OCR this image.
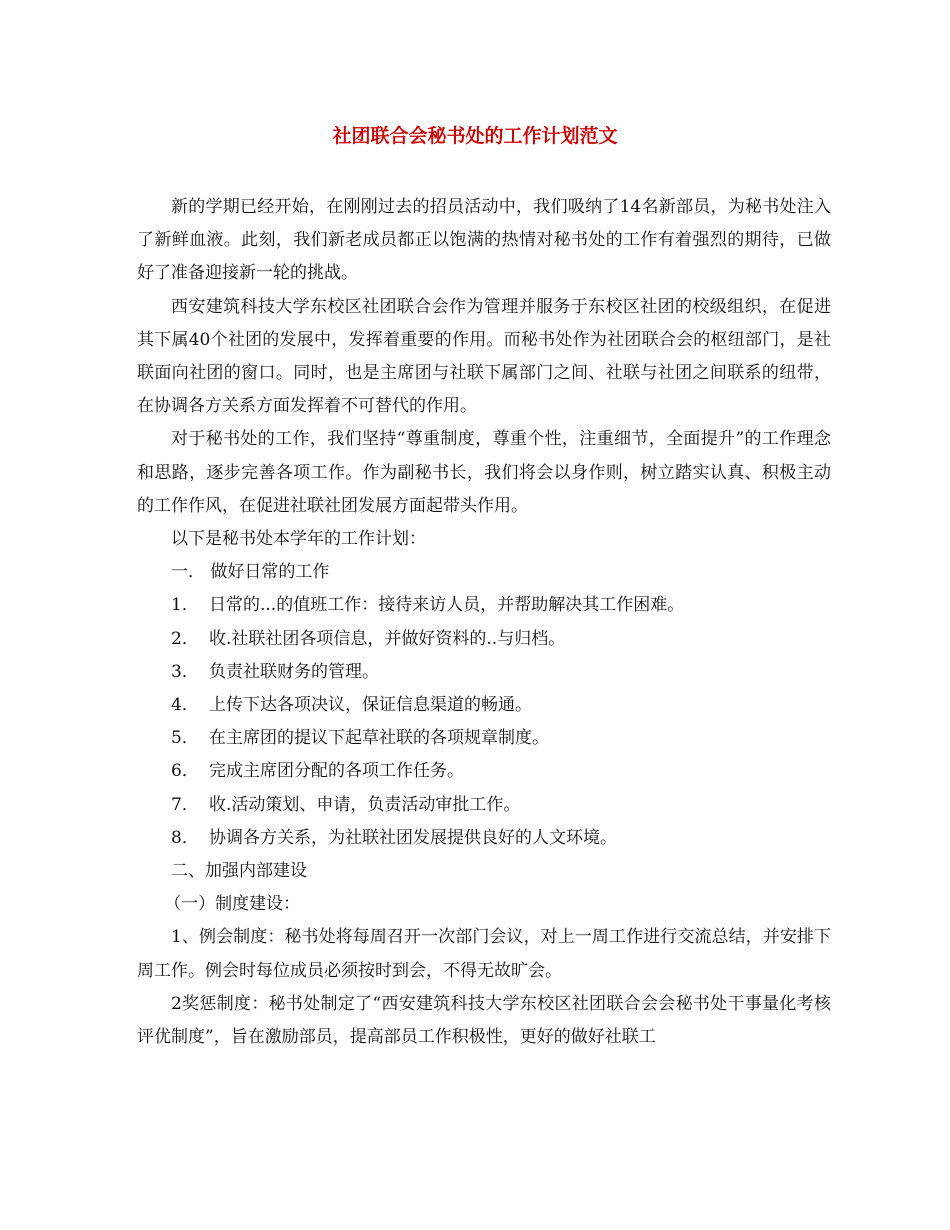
社团联合会秘书处的工作计划范文

新的学期已经开始，在刚刚过去的招员活动中，我们吸纳了14名新部员，为秘书处注入了新鲜血液。此刻，我们新老成员都正以饱满的热情对秘书处的工作有着强烈的期待，已做好了准备迎接新一轮的挑战。

西安建筑科技大学东校区社团联合会作为管理并服务于东校区社团的校级组织，在促进其下属40个社团的发展中，发挥着重要的作用。而秘书处作为社团联合会的枢纽部门，是社联面向社团的窗口。同时，也是主席团与社联下属部门之间、社联与社团之间联系的纽带，在协调各方关系方面发挥着不可替代的作用。

对于秘书处的工作，我们坚持“尊重制度，尊重个性，注重细节，全面提升”的工作理念和思路，逐步完善各项工作。作为副秘书长，我们将会以身作则，树立踏实认真、积极主动的工作作风，在促进社联社团发展方面起带头作用。

以下是秘书处本学年的工作计划：

一． 做好日常的工作

1． 日常的...的值班工作：接待来访人员，并帮助解决其工作困难。

2． 收.社联社团各项信息，并做好资料的..与归档。

3． 负责社联财务的管理。

4． 上传下达各项决议，保证信息渠道的畅通。

5． 在主席团的提议下起草社联的各项规章制度。

6． 完成主席团分配的各项工作任务。

7． 收.活动策划、申请，负责活动审批工作。

8． 协调各方关系，为社联社团发展提供良好的人文环境。

二、加强内部建设

（一）制度建设：

1、例会制度：秘书处将每周召开一次部门会议，对上一周工作进行交流总结，并安排下周工作。例会时每位成员必须按时到会，不得无故旷会。

2奖惩制度：秘书处制定了“西安建筑科技大学东校区社团联合会会秘书处干事量化考核评优制度”，旨在激励部员，提高部员工作积极性，更好的做好社联工
